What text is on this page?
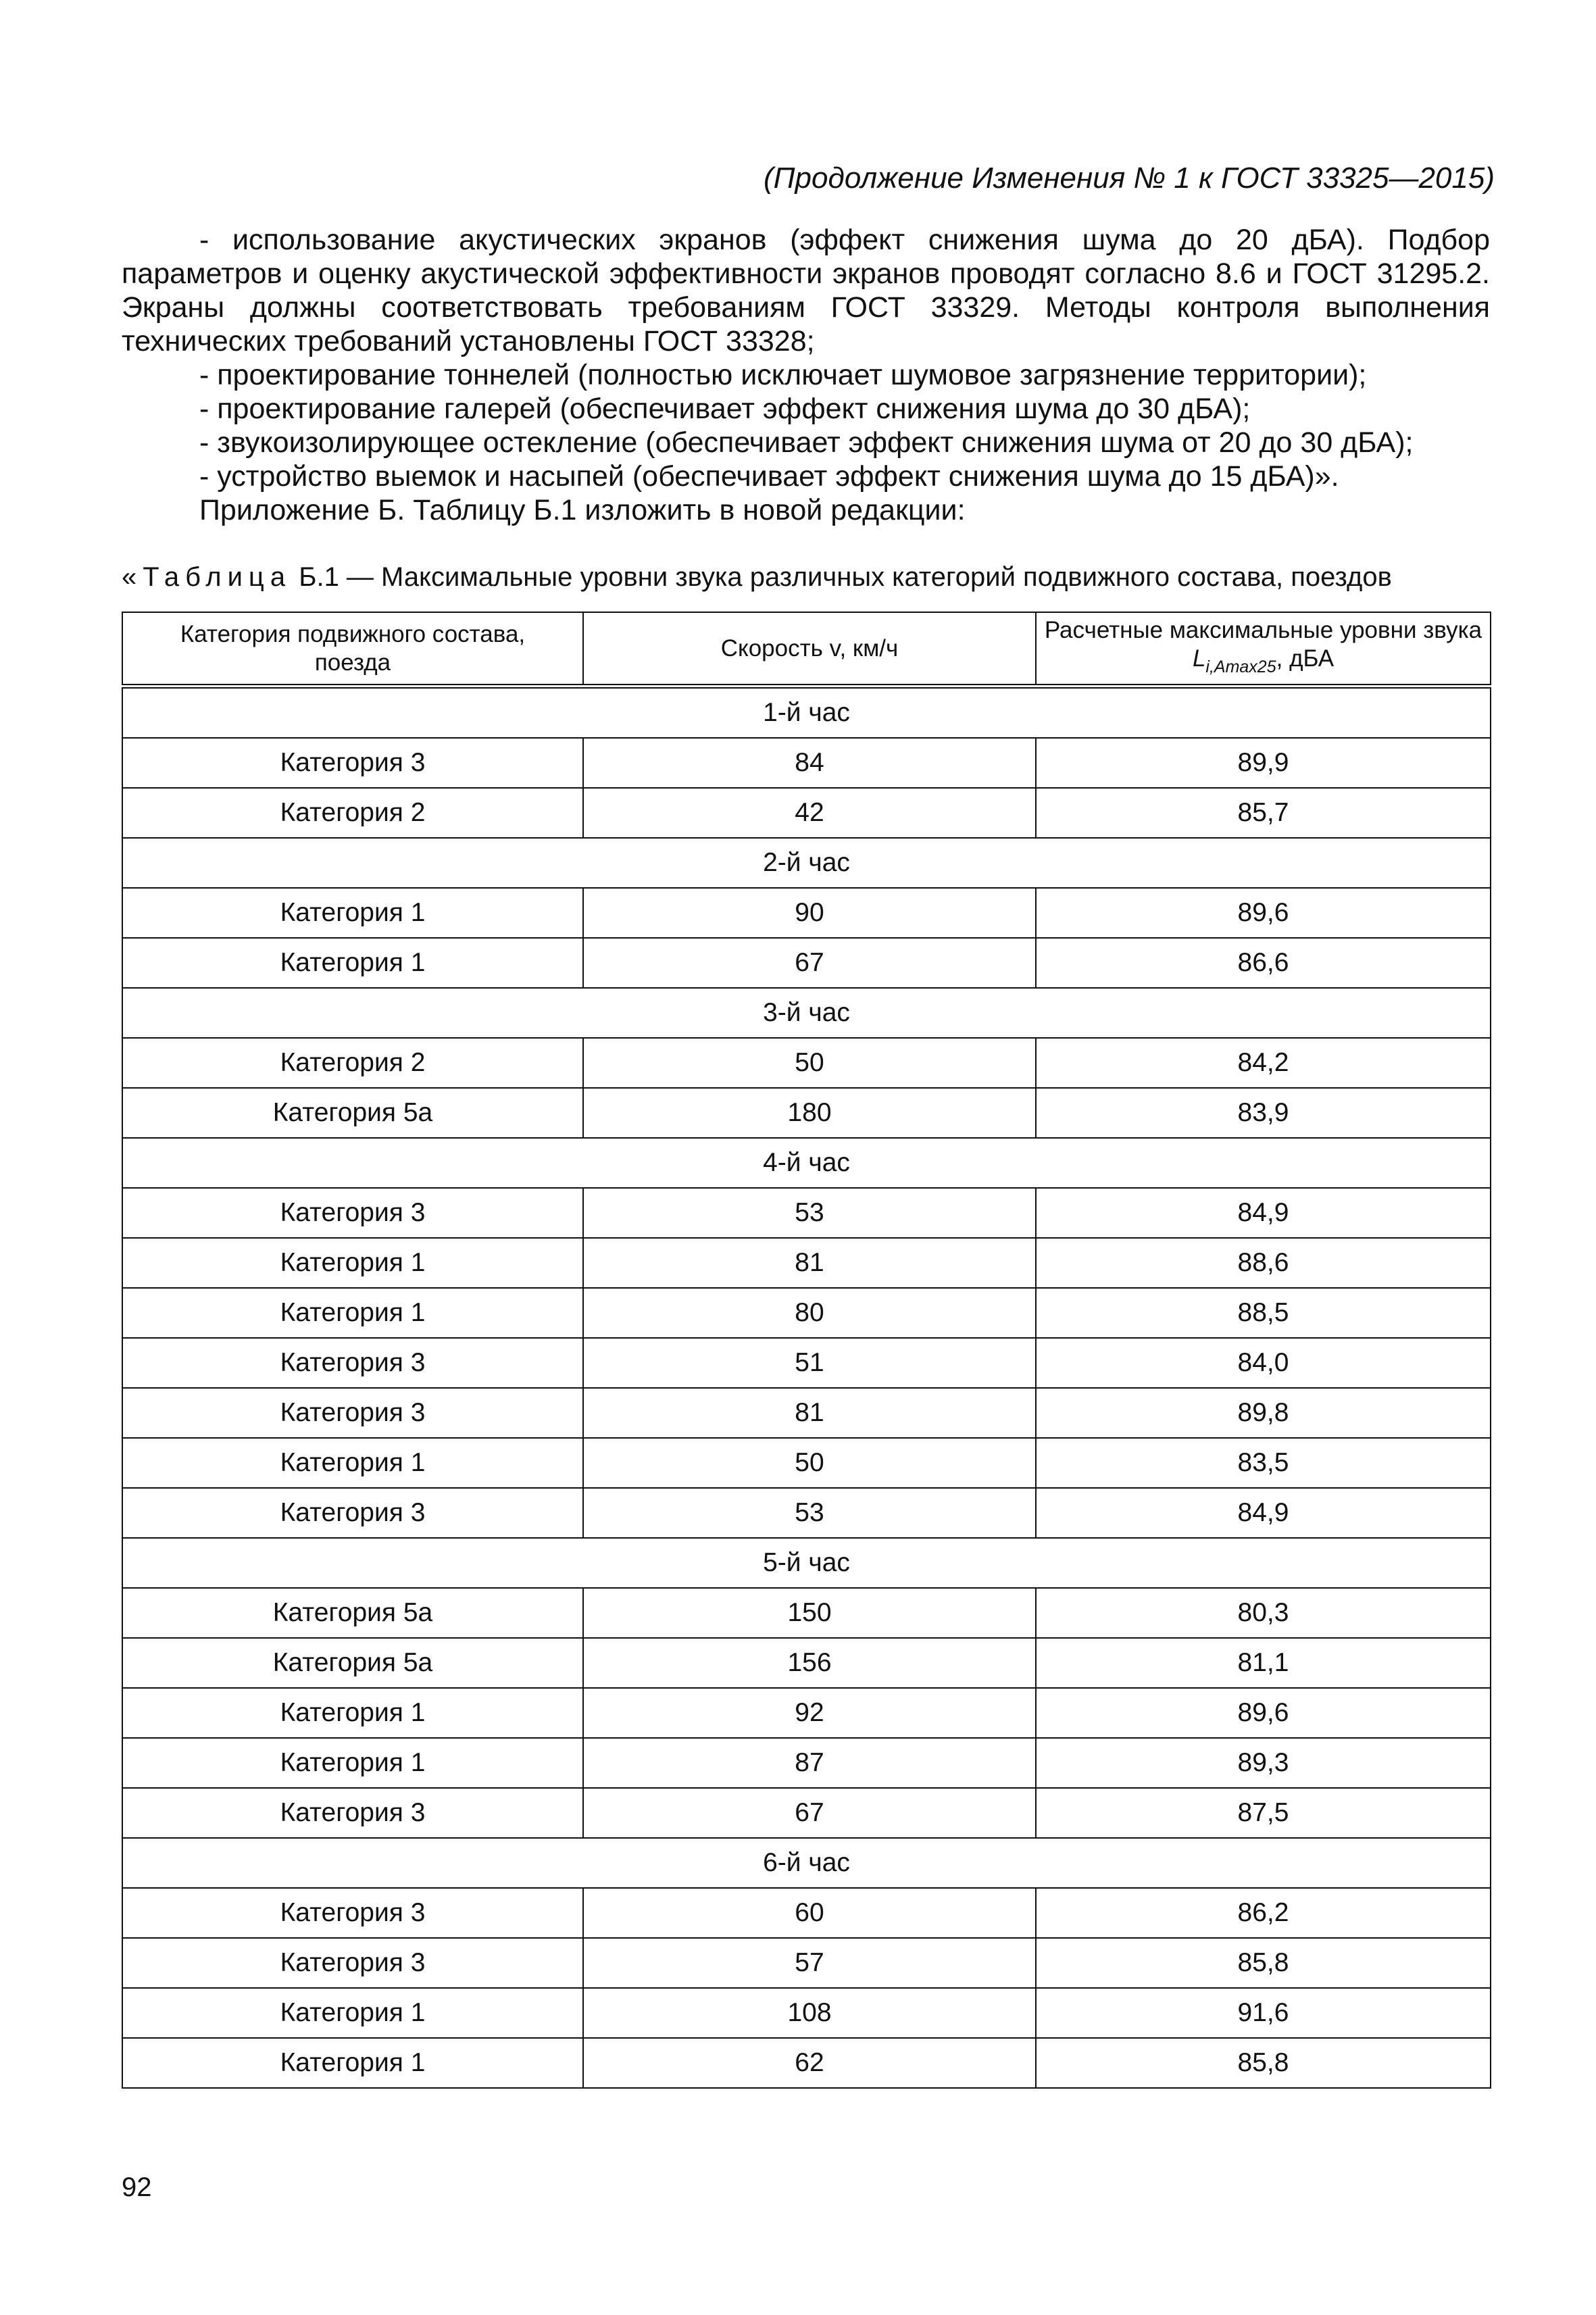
(Продолжение Изменения № 1 к ГОСТ 33325—2015)

- использование акустических экранов (эффект снижения шума до 20 дБА). Подбор параметров и оценку акустической эффективности экранов проводят согласно 8.6 и ГОСТ 31295.2. Экраны должны соответствовать требованиям ГОСТ 33329. Методы контроля выполнения технических требований установлены ГОСТ 33328;

- проектирование тоннелей (полностью исключает шумовое загрязнение территории);

- проектирование галерей (обеспечивает эффект снижения шума до 30 дБА);

- звукоизолирующее остекление (обеспечивает эффект снижения шума от 20 до 30 дБА);

- устройство выемок и насыпей (обеспечивает эффект снижения шума до 15 дБА)».

Приложение Б. Таблицу Б.1 изложить в новой редакции:

«Таблица Б.1 — Максимальные уровни звука различных категорий подвижного состава, поездов
Категория подвижного состава, поезда	Скорость v, км/ч	Расчетные максимальные уровни звука
$L_{i,Amax25}$, дБА

1-й час		
Категория 3	84	89,9
Категория 2	42	85,7
2-й час		
Категория 1	90	89,6
Категория 1	67	86,6
3-й час		
Категория 2	50	84,2
Категория 5а	180	83,9
4-й час		
Категория 3	53	84,9
Категория 1	81	88,6
Категория 1	80	88,5
Категория 3	51	84,0
Категория 3	81	89,8
Категория 1	50	83,5
Категория 3	53	84,9
5-й час		
Категория 5а	150	80,3
Категория 5а	156	81,1
Категория 1	92	89,6
Категория 1	87	89,3
Категория 3	67	87,5
6-й час		
Категория 3	60	86,2
Категория 3	57	85,8
Категория 1	108	91,6
Категория 1	62	85,8
92
